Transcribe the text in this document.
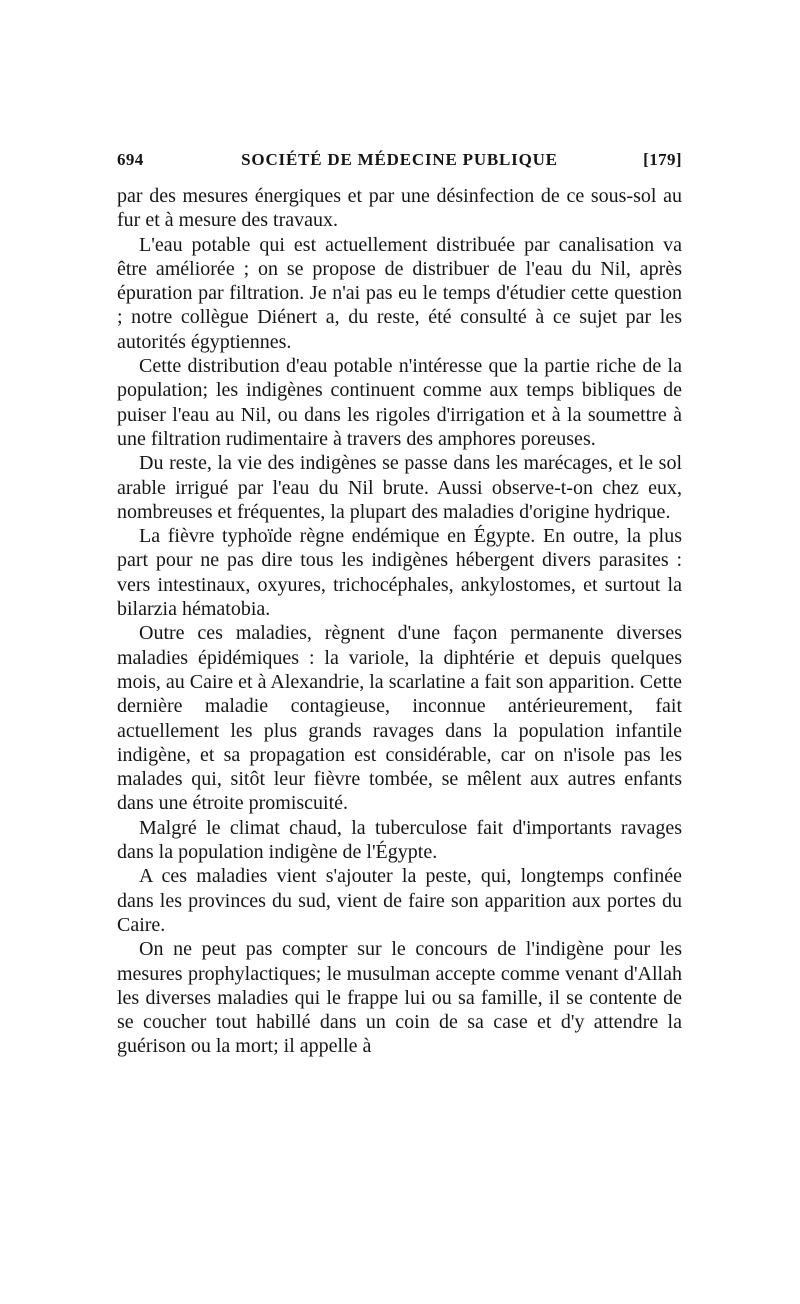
694	SOCIÉTÉ DE MÉDECINE PUBLIQUE	[179]

par des mesures énergiques et par une désinfection de ce sous-sol au fur et à mesure des travaux.

L'eau potable qui est actuellement distribuée par canalisation va être améliorée ; on se propose de distribuer de l'eau du Nil, après épuration par filtration. Je n'ai pas eu le temps d'étudier cette question ; notre collègue Diénert a, du reste, été consulté à ce sujet par les autorités égyptiennes.

Cette distribution d'eau potable n'intéresse que la partie riche de la population; les indigènes continuent comme aux temps bibliques de puiser l'eau au Nil, ou dans les rigoles d'irrigation et à la soumettre à une filtration rudimentaire à travers des amphores poreuses.

Du reste, la vie des indigènes se passe dans les marécages, et le sol arable irrigué par l'eau du Nil brute. Aussi observe-t-on chez eux, nombreuses et fréquentes, la plupart des maladies d'origine hydrique.

La fièvre typhoïde règne endémique en Égypte. En outre, la plus part pour ne pas dire tous les indigènes hébergent divers parasites : vers intestinaux, oxyures, trichocéphales, ankylostomes, et surtout la bilarzia hématobia.

Outre ces maladies, règnent d'une façon permanente diverses maladies épidémiques : la variole, la diphtérie et depuis quelques mois, au Caire et à Alexandrie, la scarlatine a fait son apparition. Cette dernière maladie contagieuse, inconnue antérieurement, fait actuellement les plus grands ravages dans la population infantile indigène, et sa propagation est considérable, car on n'isole pas les malades qui, sitôt leur fièvre tombée, se mêlent aux autres enfants dans une étroite promiscuité.

Malgré le climat chaud, la tuberculose fait d'importants ravages dans la population indigène de l'Égypte.

A ces maladies vient s'ajouter la peste, qui, longtemps confinée dans les provinces du sud, vient de faire son apparition aux portes du Caire.

On ne peut pas compter sur le concours de l'indigène pour les mesures prophylactiques; le musulman accepte comme venant d'Allah les diverses maladies qui le frappe lui ou sa famille, il se contente de se coucher tout habillé dans un coin de sa case et d'y attendre la guérison ou la mort; il appelle à
